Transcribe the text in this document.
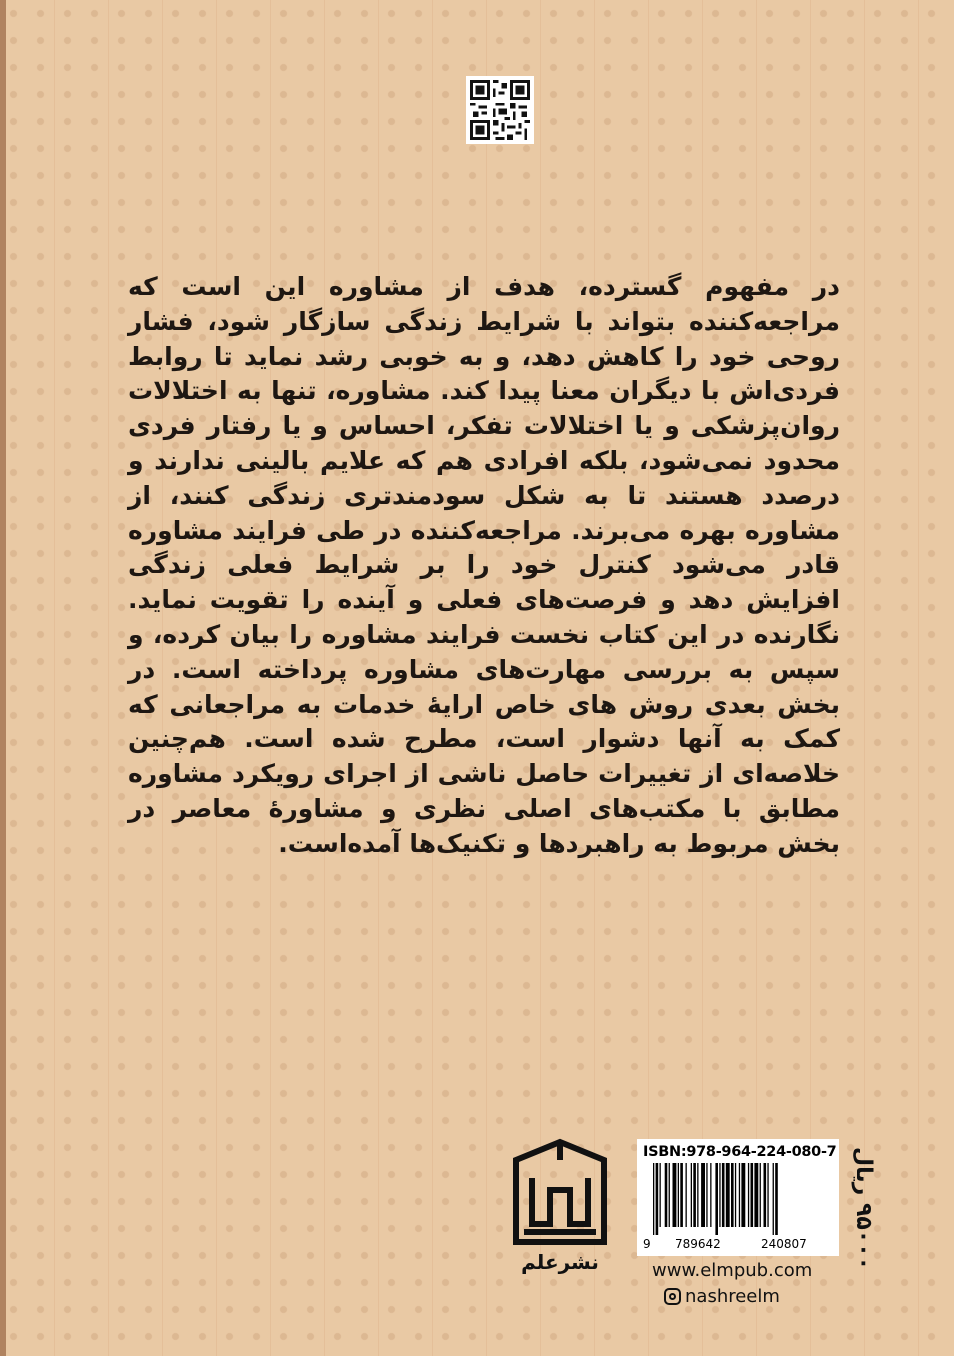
در مفهوم گسترده، هدف از مشاوره این است که مراجعه‌کننده بتواند با شرایط زندگی سازگار شود، فشار روحی خود را کاهش دهد، و به خوبی رشد نماید تا روابط فردی‌اش با دیگران معنا پیدا کند. مشاوره، تنها به اختلالات روان‌پزشکی و یا اختلالات تفکر، احساس و یا رفتار فردی محدود نمی‌شود، بلکه افرادی هم که علایم بالینی ندارند و درصدد هستند تا به شکل سودمندتری زندگی کنند، از مشاوره بهره می‌برند. مراجعه‌کننده در طی فرایند مشاوره قادر می‌شود کنترل خود را بر شرایط فعلی زندگی افزایش دهد و فرصت‌های فعلی و آینده را تقویت نماید. نگارنده در این کتاب نخست فرایند مشاوره را بیان کرده، و سپس به بررسی مهارت‌های مشاوره پرداخته است. در بخش بعدی روش های خاص ارایهٔ خدمات به مراجعانی که کمک به آنها دشوار است، مطرح شده است. هم‌چنین خلاصه‌ای از تغییرات حاصل ناشی از اجرای رویکرد مشاوره مطابق با مکتب‌های اصلی نظری و مشاورهٔ معاصر در بخش مربوط به راهبردها و تکنیک‌ها آمده‌است.

۹۵۰۰۰ ریال
ISBN:978-964-224-080-7
9 789642	240807
www.elmpub.com
nashreelm
نشرعلم
